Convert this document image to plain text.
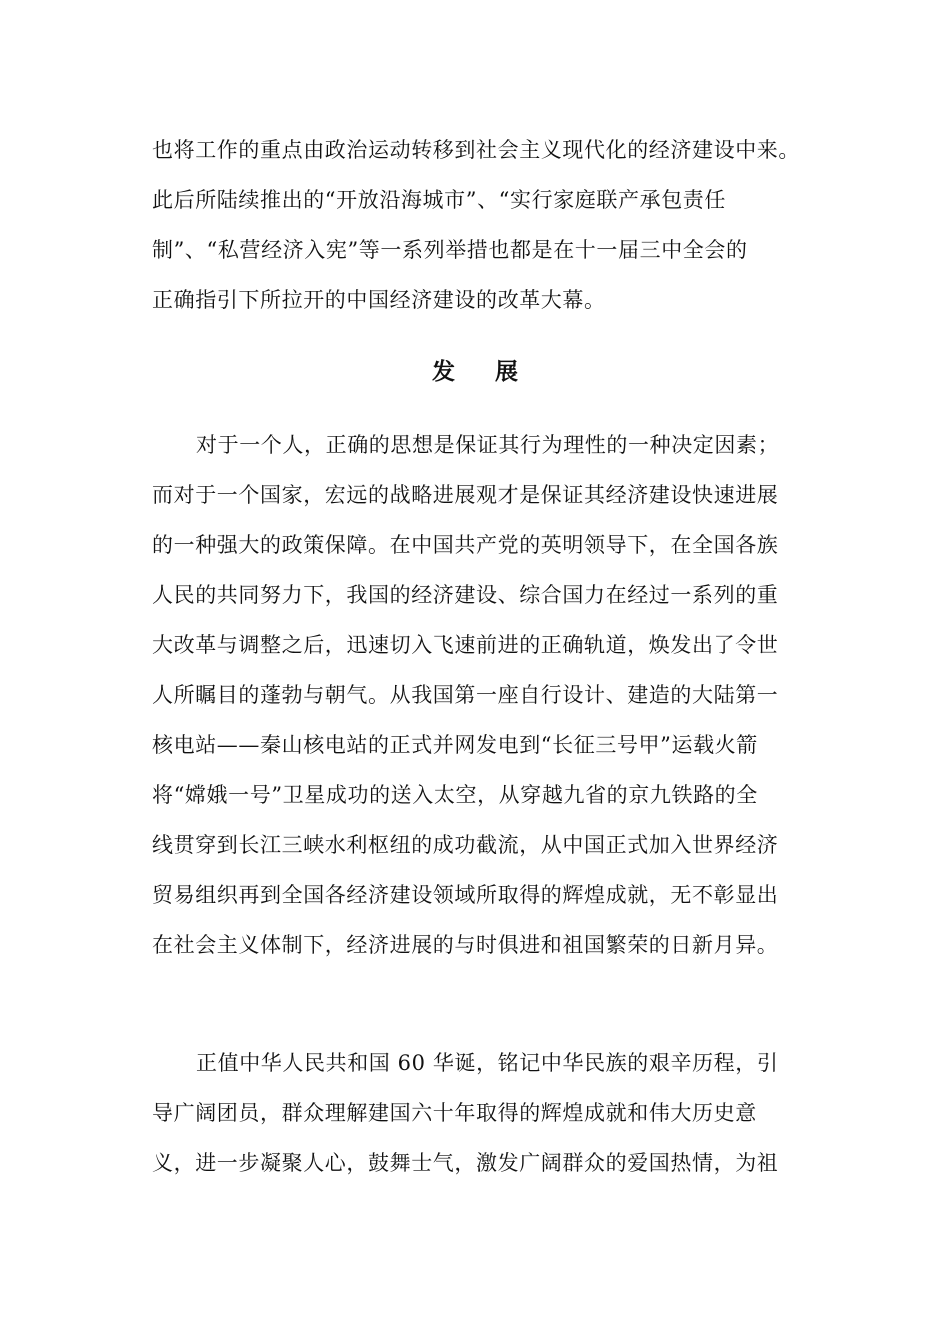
也将工作的重点由政治运动转移到社会主义现代化的经济建设中来。
此后所陆续推出的“开放沿海城市”、“实行家庭联产承包责任
制”、“私营经济入宪”等一系列举措也都是在十一届三中全会的
正确指引下所拉开的中国经济建设的改革大幕。
发 展
对于一个人，正确的思想是保证其行为理性的一种决定因素；
而对于一个国家，宏远的战略进展观才是保证其经济建设快速进展
的一种强大的政策保障。在中国共产党的英明领导下，在全国各族
人民的共同努力下，我国的经济建设、综合国力在经过一系列的重
大改革与调整之后，迅速切入飞速前进的正确轨道，焕发出了令世
人所瞩目的蓬勃与朝气。从我国第一座自行设计、建造的大陆第一
核电站——秦山核电站的正式并网发电到“长征三号甲”运载火箭
将“嫦娥一号”卫星成功的送入太空，从穿越九省的京九铁路的全
线贯穿到长江三峡水利枢纽的成功截流，从中国正式加入世界经济
贸易组织再到全国各经济建设领域所取得的辉煌成就，无不彰显出
在社会主义体制下，经济进展的与时俱进和祖国繁荣的日新月异。
正值中华人民共和国 60 华诞，铭记中华民族的艰辛历程，引
导广阔团员，群众理解建国六十年取得的辉煌成就和伟大历史意
义，进一步凝聚人心，鼓舞士气，激发广阔群众的爱国热情，为祖
